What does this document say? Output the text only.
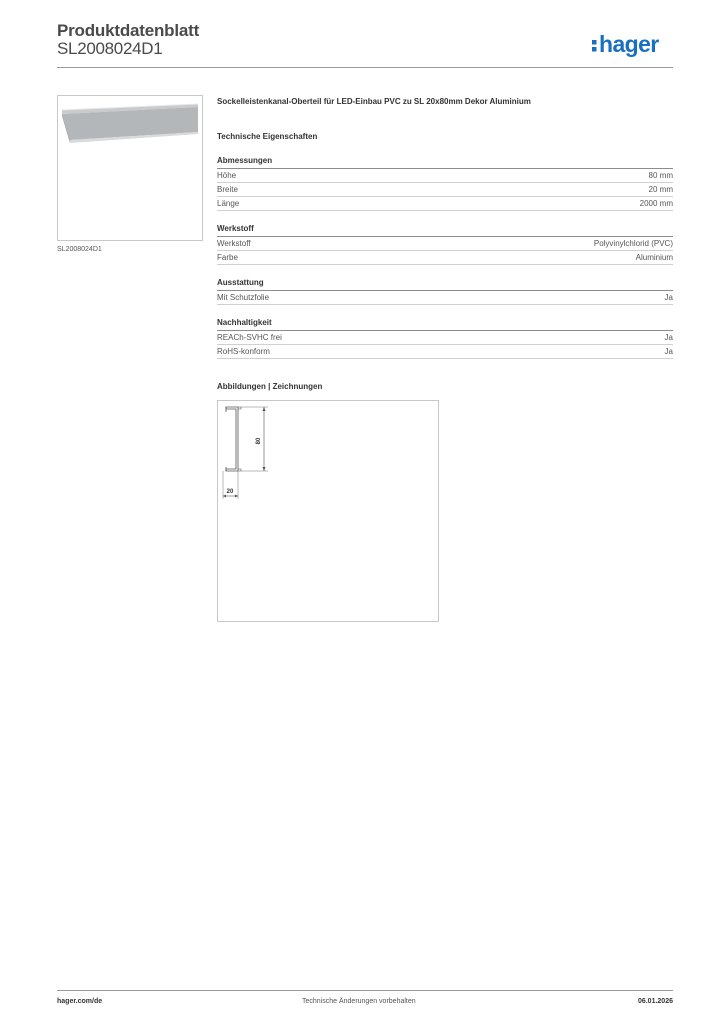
Produktdatenblatt
SL2008024D1	hager
SL2008024D1
Sockelleistenkanal-Oberteil für LED-Einbau PVC zu SL 20x80mm Dekor Aluminium
Technische Eigenschaften
Abmessungen
Höhe	80 mm
Breite	20 mm
Länge	2000 mm
Werkstoff
Werkstoff	Polyvinylchlorid (PVC)
Farbe	Aluminium
Ausstattung
Mit Schutzfolie	Ja
Nachhaltigkeit
REACh-SVHC frei	Ja
RoHS-konform	Ja
Abbildungen | Zeichnungen
80
20
hager.com/de	Technische Änderungen vorbehalten	06.01.2026
